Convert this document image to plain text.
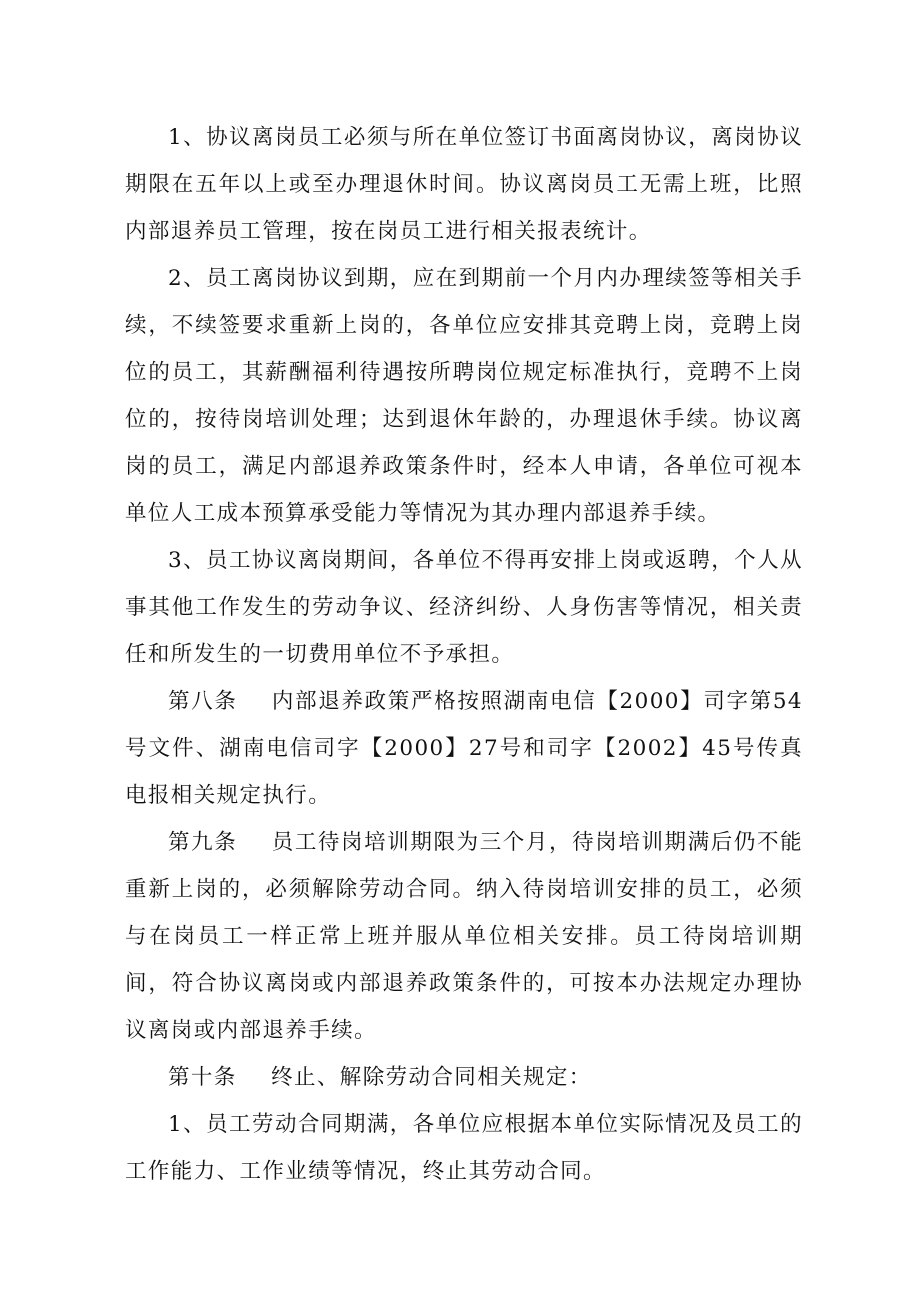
1、协议离岗员工必须与所在单位签订书面离岗协议，离岗协议期限在五年以上或至办理退休时间。协议离岗员工无需上班，比照内部退养员工管理，按在岗员工进行相关报表统计。

2、员工离岗协议到期，应在到期前一个月内办理续签等相关手续，不续签要求重新上岗的，各单位应安排其竞聘上岗，竞聘上岗位的员工，其薪酬福利待遇按所聘岗位规定标准执行，竞聘不上岗位的，按待岗培训处理；达到退休年龄的，办理退休手续。协议离岗的员工，满足内部退养政策条件时，经本人申请，各单位可视本单位人工成本预算承受能力等情况为其办理内部退养手续。

3、员工协议离岗期间，各单位不得再安排上岗或返聘，个人从事其他工作发生的劳动争议、经济纠纷、人身伤害等情况，相关责任和所发生的一切费用单位不予承担。

第八条 内部退养政策严格按照湖南电信【2000】司字第54号文件、湖南电信司字【2000】27号和司字【2002】45号传真电报相关规定执行。

第九条 员工待岗培训期限为三个月，待岗培训期满后仍不能重新上岗的，必须解除劳动合同。纳入待岗培训安排的员工，必须与在岗员工一样正常上班并服从单位相关安排。员工待岗培训期间，符合协议离岗或内部退养政策条件的，可按本办法规定办理协议离岗或内部退养手续。

第十条 终止、解除劳动合同相关规定：

1、员工劳动合同期满，各单位应根据本单位实际情况及员工的工作能力、工作业绩等情况，终止其劳动合同。
